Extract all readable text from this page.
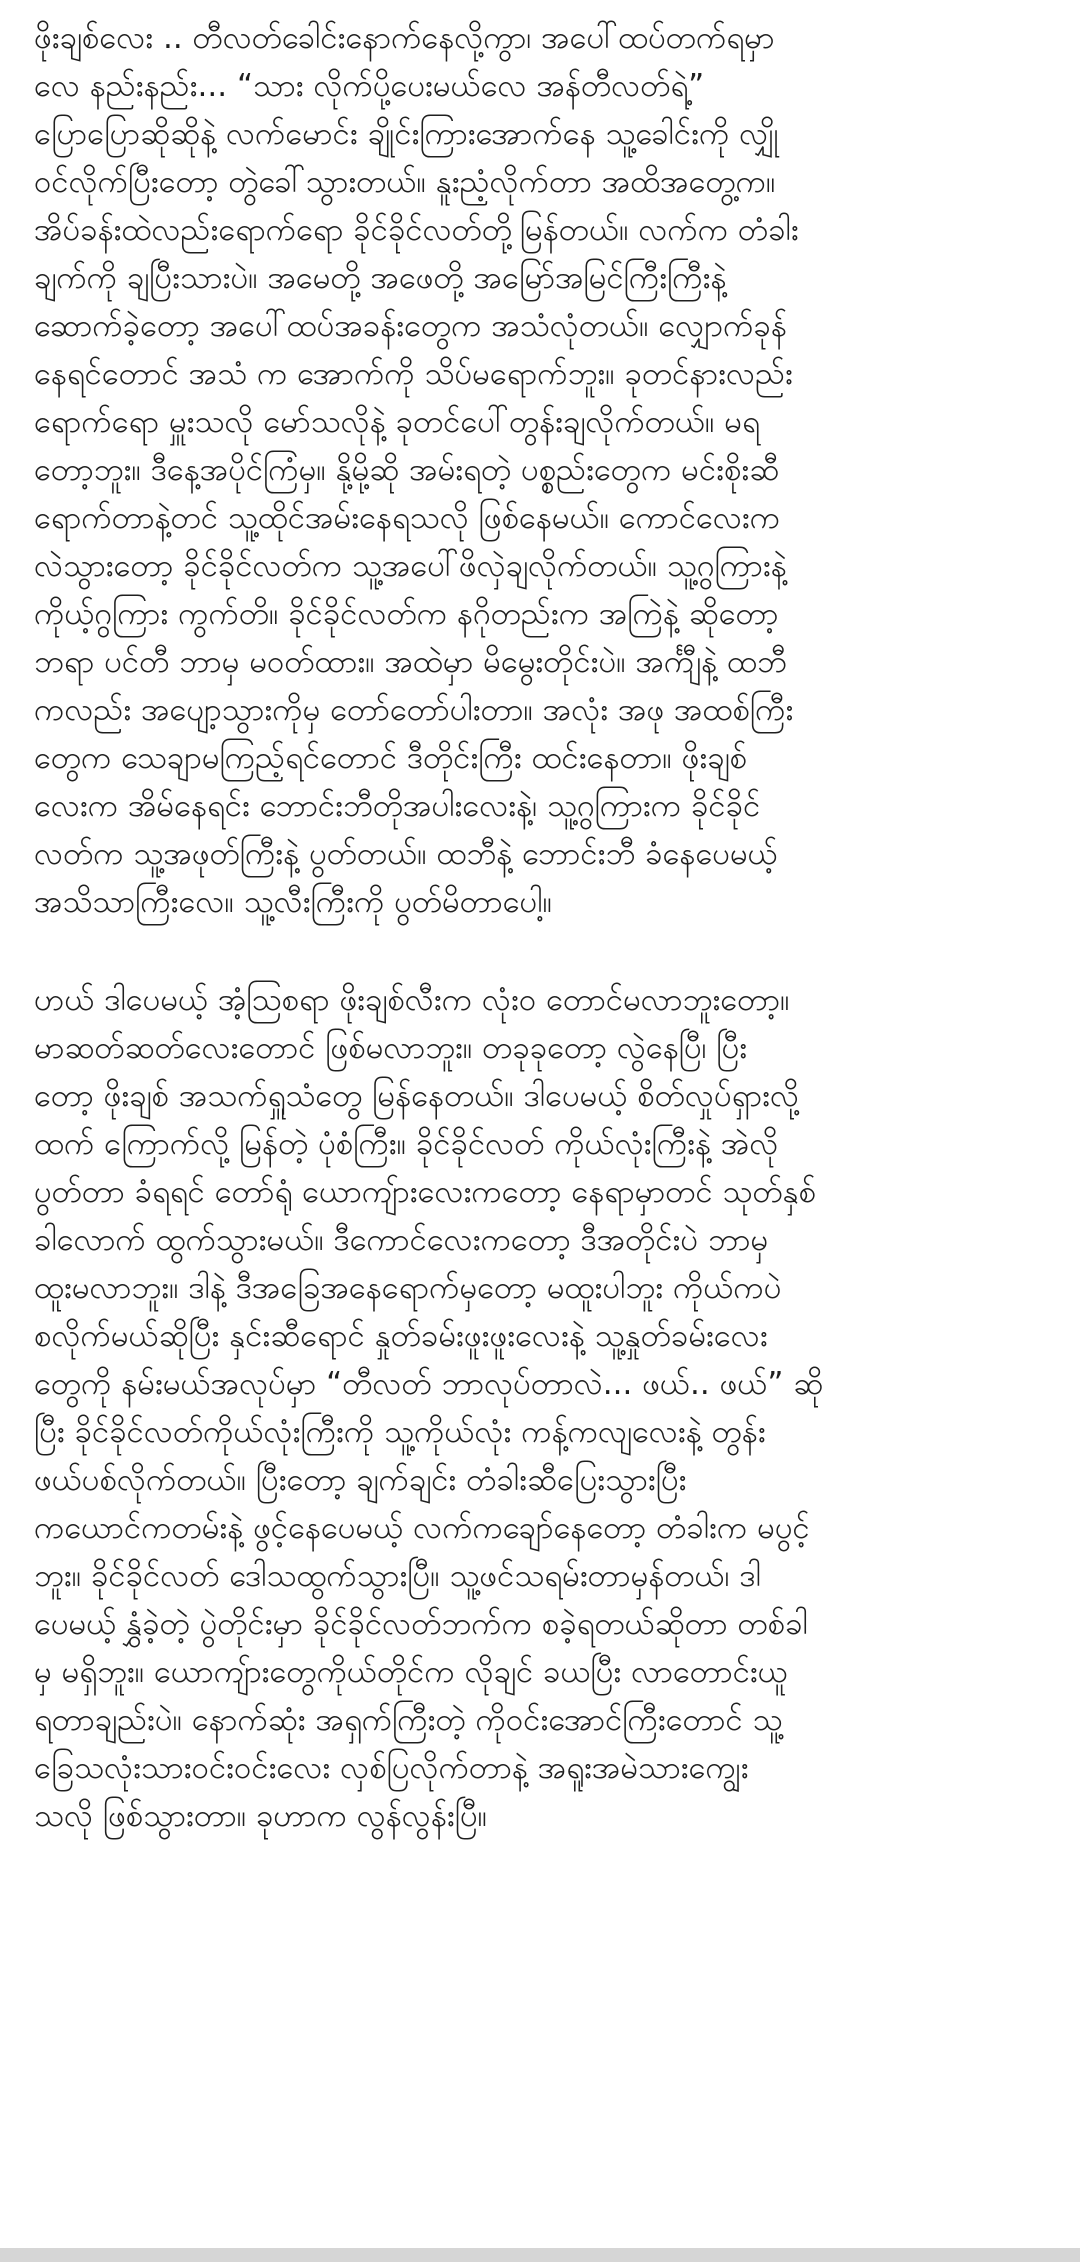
ဖိုးချစ်လေး .. တီလတ်ခေါင်းနောက်နေလို့ကွာ၊ အပေါ်ထပ်တက်ရမှာ
လေ နည်းနည်း... “သား လိုက်ပို့ပေးမယ်လေ အန်တီလတ်ရဲ့”
ပြောပြောဆိုဆိုနဲ့ လက်မောင်း ချိုင်းကြားအောက်နေ သူ့ခေါင်းကို လျှို
ဝင်လိုက်ပြီးတော့ တွဲခေါ်သွားတယ်။ နူးညံ့လိုက်တာ အထိအတွေ့က။
အိပ်ခန်းထဲလည်းရောက်ရော ခိုင်ခိုင်လတ်တို့မြန်တယ်။ လက်က တံခါး
ချက်ကို ချပြီးသားပဲ။ အမေတို့ အဖေတို့ အမြော်အမြင်ကြီးကြီးနဲ့
ဆောက်ခဲ့တော့ အပေါ်ထပ်အခန်းတွေက အသံလုံတယ်။ လျှောက်ခုန်
နေရင်တောင် အသံ က အောက်ကို သိပ်မရောက်ဘူး။ ခုတင်နားလည်း
ရောက်ရော မှူးသလို မော်သလိုနဲ့ ခုတင်ပေါ်တွန်းချလိုက်တယ်။ မရ
တော့ဘူး။ ဒီနေ့အပိုင်ကြံမှ။ နို့မို့ဆို အမ်းရတဲ့ ပစ္စည်းတွေက မင်းစိုးဆီ
ရောက်တာနဲ့တင် သူ့ထိုင်အမ်းနေရသလို ဖြစ်နေမယ်။ ကောင်လေးက
လဲသွားတော့ ခိုင်ခိုင်လတ်က သူ့အပေါ်ဖိလှဲချလိုက်တယ်။ သူ့ဂွကြားနဲ့
ကိုယ့်ဂွကြား ကွက်တိ။ ခိုင်ခိုင်လတ်က နဂိုတည်းက အကြဲနဲ့ ဆိုတော့
ဘရာ ပင်တီ ဘာမှ မဝတ်ထား။ အထဲမှာ မိမွေးတိုင်းပဲ။ အင်္ကျီနဲ့ ထဘီ
ကလည်း အပျော့သွားကိုမှ တော်တော်ပါးတာ။ အလုံး အဖု အထစ်ကြီး
တွေက သေချာမကြည့်ရင်တောင် ဒီတိုင်းကြီး ထင်းနေတာ။ ဖိုးချစ်
လေးက အိမ်နေရင်း ဘောင်းဘီတိုအပါးလေးနဲ့၊ သူ့ဂွကြားက ခိုင်ခိုင်
လတ်က သူ့အဖုတ်ကြီးနဲ့ ပွတ်တယ်။ ထဘီနဲ့ ဘောင်းဘီ ခံနေပေမယ့်
အသိသာကြီးလေ။ သူ့လီးကြီးကို ပွတ်မိတာပေါ့။
ဟယ် ဒါပေမယ့် အံ့သြစရာ ဖိုးချစ်လီးက လုံးဝ တောင်မလာဘူးတော့။
မာဆတ်ဆတ်လေးတောင် ဖြစ်မလာဘူး။ တခုခုတော့ လွဲနေပြီ၊ ပြီး
တော့ ဖိုးချစ် အသက်ရှူသံတွေ မြန်နေတယ်။ ဒါပေမယ့် စိတ်လှုပ်ရှားလို့
ထက် ကြောက်လို့ မြန်တဲ့ ပုံစံကြီး။ ခိုင်ခိုင်လတ် ကိုယ်လုံးကြီးနဲ့ အဲလို
ပွတ်တာ ခံရရင် တော်ရုံ ယောကျ်ားလေးကတော့ နေရာမှာတင် သုတ်နှစ်
ခါလောက် ထွက်သွားမယ်။ ဒီကောင်လေးကတော့ ဒီအတိုင်းပဲ ဘာမှ
ထူးမလာဘူး။ ဒါနဲ့ ဒီအခြေအနေရောက်မှတော့ မထူးပါဘူး ကိုယ်ကပဲ
စလိုက်မယ်ဆိုပြီး နှင်းဆီရောင် နှုတ်ခမ်းဖူးဖူးလေးနဲ့ သူ့နှုတ်ခမ်းလေး
တွေကို နမ်းမယ်အလုပ်မှာ “တီလတ် ဘာလုပ်တာလဲ... ဖယ်.. ဖယ်” ဆို
ပြီး ခိုင်ခိုင်လတ်ကိုယ်လုံးကြီးကို သူ့ကိုယ်လုံး ကန့်ကလျလေးနဲ့ တွန်း
ဖယ်ပစ်လိုက်တယ်။ ပြီးတော့ ချက်ချင်း တံခါးဆီပြေးသွားပြီး
ကယောင်ကတမ်းနဲ့ ဖွင့်နေပေမယ့် လက်ကချော်နေတော့ တံခါးက မပွင့်
ဘူး။ ခိုင်ခိုင်လတ် ဒေါသထွက်သွားပြီ။ သူ့ဖင်သရမ်းတာမှန်တယ်၊ ဒါ
ပေမယ့် နွှံခဲ့တဲ့ ပွဲတိုင်းမှာ ခိုင်ခိုင်လတ်ဘက်က စခဲ့ရတယ်ဆိုတာ တစ်ခါ
မှ မရှိဘူး။ ယောကျ်ားတွေကိုယ်တိုင်က လိုချင် ခယပြီး လာတောင်းယူ
ရတာချည်းပဲ။ နောက်ဆုံး အရှက်ကြီးတဲ့ ကိုဝင်းအောင်ကြီးတောင် သူ့
ခြေသလုံးသားဝင်းဝင်းလေး လှစ်ပြလိုက်တာနဲ့ အရူးအမဲသားကျွေး
သလို ဖြစ်သွားတာ။ ခုဟာက လွန်လွန်းပြီ။
